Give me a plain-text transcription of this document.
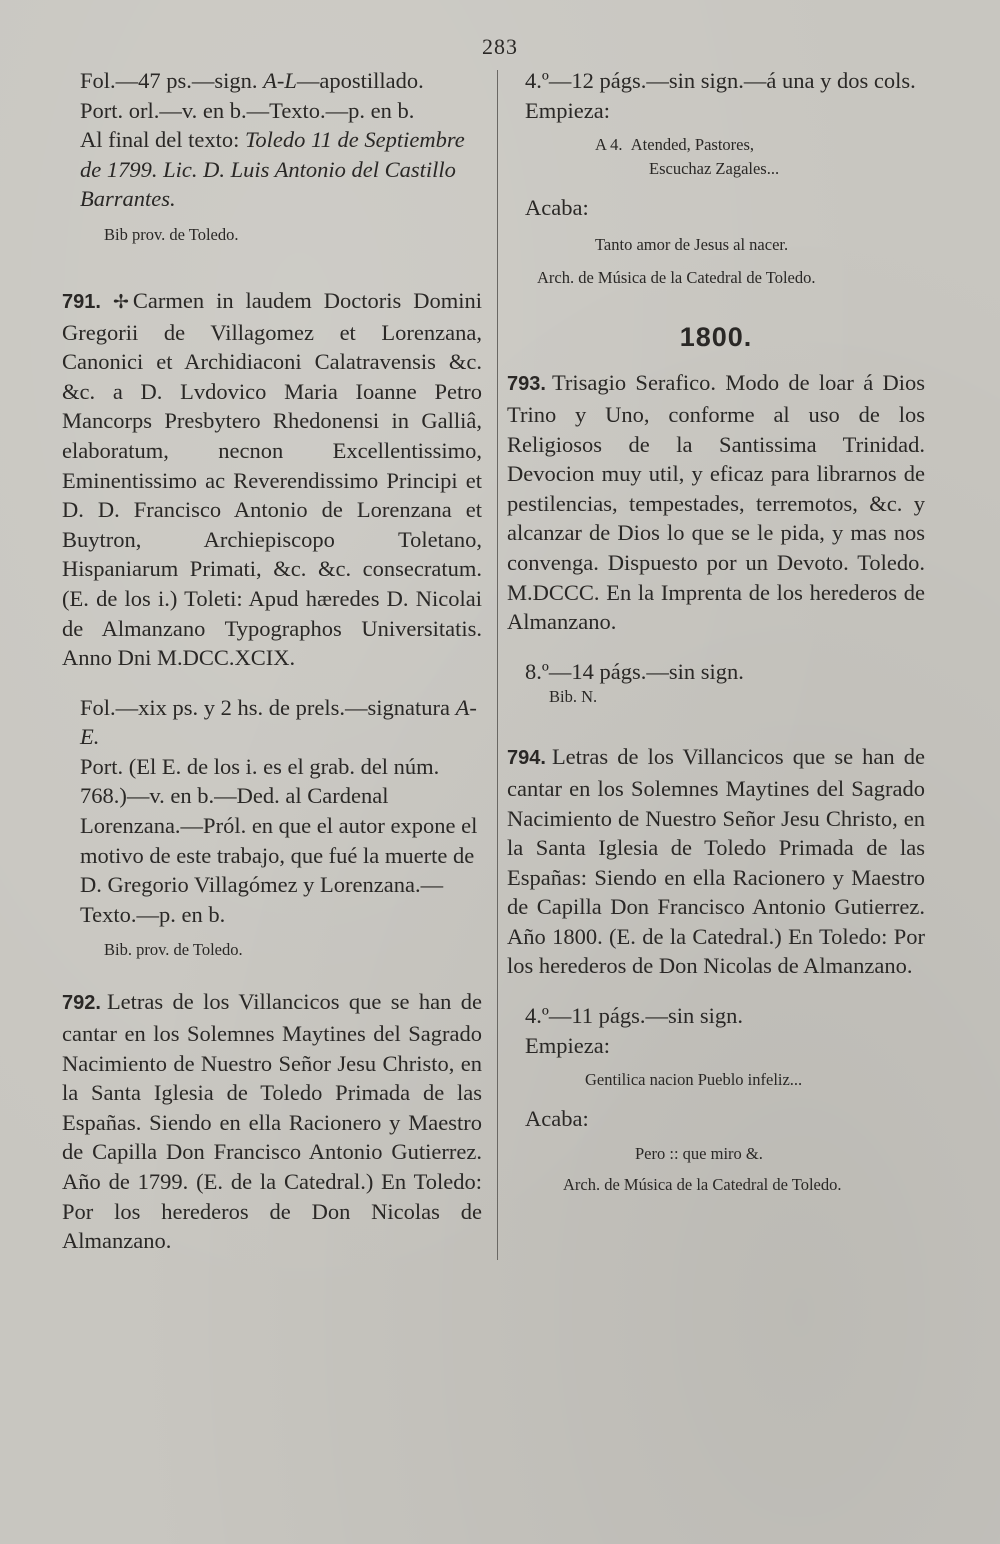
283

Fol.—47 ps.—sign. A-L—apostillado.

Port. orl.—v. en b.—Texto.—p. en b.

Al final del texto: Toledo 11 de Septiembre de 1799. Lic. D. Luis Antonio del Castillo Barrantes.

Bib prov. de Toledo.

791. ✢ Carmen in laudem Doctoris Domini Gregorii de Villagomez et Lorenzana, Canonici et Archidiaconi Calatravensis &c. &c. a D. Lvdovico Maria Ioanne Petro Mancorps Presbytero Rhedonensi in Galliâ, elaboratum, necnon Excellentissimo, Eminentissimo ac Reverendissimo Principi et D. D. Francisco Antonio de Lorenzana et Buytron, Archiepiscopo Toletano, Hispaniarum Primati, &c. &c. consecratum. (E. de los i.) Toleti: Apud hæredes D. Nicolai de Almanzano Typographos Universitatis. Anno Dni M.DCC.XCIX.

Fol.—xix ps. y 2 hs. de prels.—signatura A-E.

Port. (El E. de los i. es el grab. del núm. 768.)—v. en b.—Ded. al Cardenal Lorenzana.—Pról. en que el autor expone el motivo de este trabajo, que fué la muerte de D. Gregorio Villagómez y Lorenzana.—Texto.—p. en b.

Bib. prov. de Toledo.

792. Letras de los Villancicos que se han de cantar en los Solemnes Maytines del Sagrado Nacimiento de Nuestro Señor Jesu Christo, en la Santa Iglesia de Toledo Primada de las Españas. Siendo en ella Racionero y Maestro de Capilla Don Francisco Antonio Gutierrez. Año de 1799. (E. de la Catedral.) En Toledo: Por los herederos de Don Nicolas de Almanzano.

4.º—12 págs.—sin sign.—á una y dos cols.

Empieza:

A 4. Atended, Pastores,

Escuchaz Zagales...

Acaba:

Tanto amor de Jesus al nacer.

Arch. de Música de la Catedral de Toledo.

1800.

793. Trisagio Serafico. Modo de loar á Dios Trino y Uno, conforme al uso de los Religiosos de la Santissima Trinidad. Devocion muy util, y eficaz para librarnos de pestilencias, tempestades, terremotos, &c. y alcanzar de Dios lo que se le pida, y mas nos convenga. Dispuesto por un Devoto. Toledo. M.DCCC. En la Imprenta de los herederos de Almanzano.

8.º—14 págs.—sin sign.

Bib. N.

794. Letras de los Villancicos que se han de cantar en los Solemnes Maytines del Sagrado Nacimiento de Nuestro Señor Jesu Christo, en la Santa Iglesia de Toledo Primada de las Españas: Siendo en ella Racionero y Maestro de Capilla Don Francisco Antonio Gutierrez. Año 1800. (E. de la Catedral.) En Toledo: Por los herederos de Don Nicolas de Almanzano.

4.º—11 págs.—sin sign.

Empieza:

Gentilica nacion Pueblo infeliz...

Acaba:

Pero :: que miro &.

Arch. de Música de la Catedral de Toledo.
